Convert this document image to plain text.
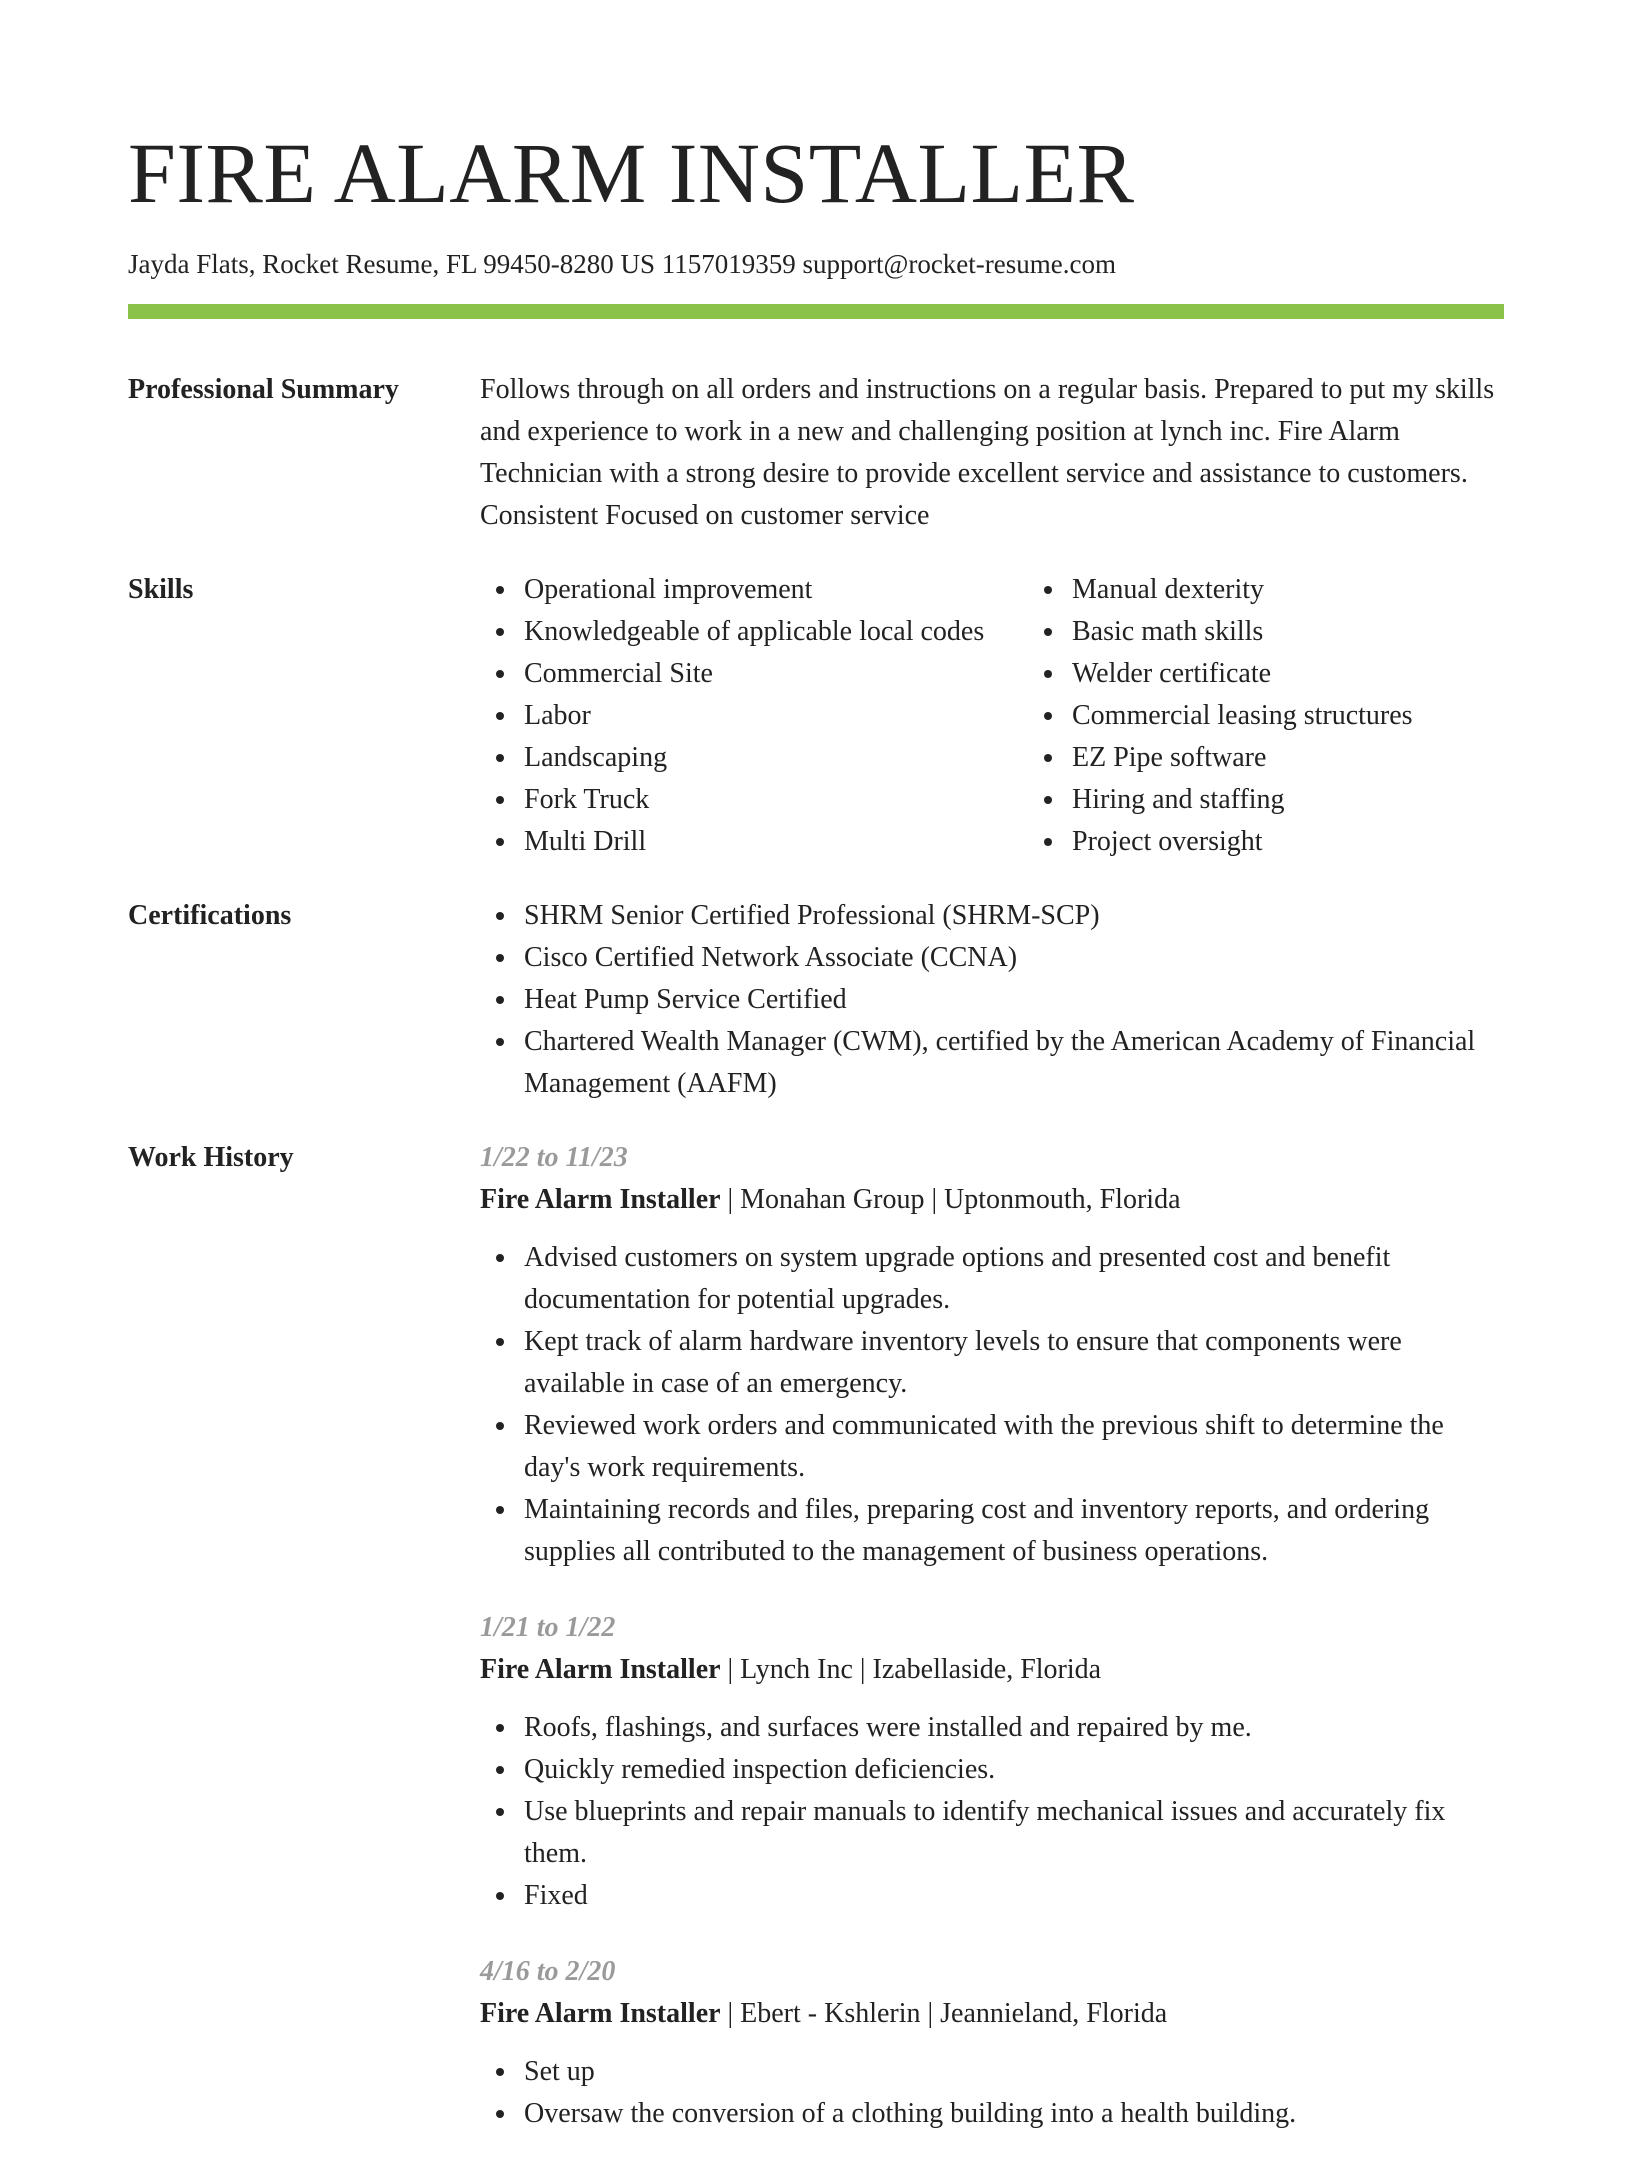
FIRE ALARM INSTALLER
Jayda Flats, Rocket Resume, FL 99450-8280 US 1157019359 support@rocket-resume.com
Professional Summary	Follows through on all orders and instructions on a regular basis. Prepared to put my skills and experience to work in a new and challenging position at lynch inc. Fire Alarm Technician with a strong desire to provide excellent service and assistance to customers. Consistent Focused on customer service
Skills	Operational improvement
Knowledgeable of applicable local codes
Commercial Site
Labor
Landscaping
Fork Truck
Multi Drill
Manual dexterity
Basic math skills
Welder certificate
Commercial leasing structures
EZ Pipe software
Hiring and staffing
Project oversight
Certifications	SHRM Senior Certified Professional (SHRM-SCP)
Cisco Certified Network Associate (CCNA)
Heat Pump Service Certified
Chartered Wealth Manager (CWM), certified by the American Academy of Financial Management (AAFM)
Work History	1/22 to 11/23
Fire Alarm Installer | Monahan Group | Uptonmouth, Florida
Advised customers on system upgrade options and presented cost and benefit documentation for potential upgrades.
Kept track of alarm hardware inventory levels to ensure that components were available in case of an emergency.
Reviewed work orders and communicated with the previous shift to determine the day's work requirements.
Maintaining records and files, preparing cost and inventory reports, and ordering supplies all contributed to the management of business operations.
1/21 to 1/22
Fire Alarm Installer | Lynch Inc | Izabellaside, Florida
Roofs, flashings, and surfaces were installed and repaired by me.
Quickly remedied inspection deficiencies.
Use blueprints and repair manuals to identify mechanical issues and accurately fix them.
Fixed
4/16 to 2/20
Fire Alarm Installer | Ebert - Kshlerin | Jeannieland, Florida
Set up
Oversaw the conversion of a clothing building into a health building.
